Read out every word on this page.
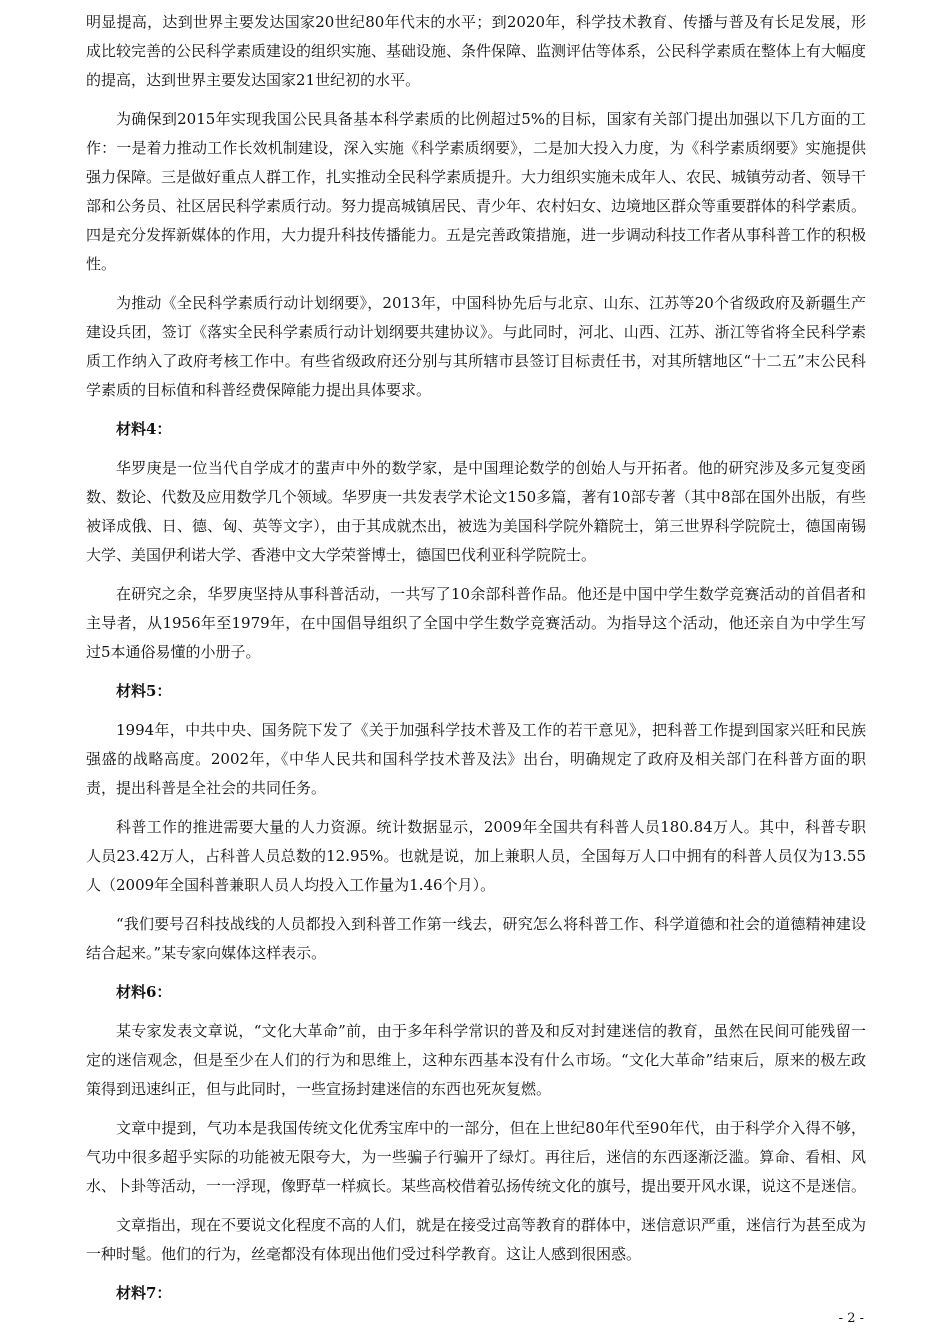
明显提高，达到世界主要发达国家20世纪80年代末的水平；到2020年，科学技术教育、传播与普及有长足发展，形成比较完善的公民科学素质建设的组织实施、基础设施、条件保障、监测评估等体系，公民科学素质在整体上有大幅度的提高，达到世界主要发达国家21世纪初的水平。

为确保到2015年实现我国公民具备基本科学素质的比例超过5%的目标，国家有关部门提出加强以下几方面的工作：一是着力推动工作长效机制建设，深入实施《科学素质纲要》，二是加大投入力度，为《科学素质纲要》实施提供强力保障。三是做好重点人群工作，扎实推动全民科学素质提升。大力组织实施未成年人、农民、城镇劳动者、领导干部和公务员、社区居民科学素质行动。努力提高城镇居民、青少年、农村妇女、边境地区群众等重要群体的科学素质。四是充分发挥新媒体的作用，大力提升科技传播能力。五是完善政策措施，进一步调动科技工作者从事科普工作的积极性。

为推动《全民科学素质行动计划纲要》，2013年，中国科协先后与北京、山东、江苏等20个省级政府及新疆生产建设兵团，签订《落实全民科学素质行动计划纲要共建协议》。与此同时，河北、山西、江苏、浙江等省将全民科学素质工作纳入了政府考核工作中。有些省级政府还分别与其所辖市县签订目标责任书，对其所辖地区“十二五”末公民科学素质的目标值和科普经费保障能力提出具体要求。

材料4：

华罗庚是一位当代自学成才的蜚声中外的数学家，是中国理论数学的创始人与开拓者。他的研究涉及多元复变函数、数论、代数及应用数学几个领域。华罗庚一共发表学术论文150多篇，著有10部专著（其中8部在国外出版，有些被译成俄、日、德、匈、英等文字），由于其成就杰出，被选为美国科学院外籍院士，第三世界科学院院士，德国南锡大学、美国伊利诺大学、香港中文大学荣誉博士，德国巴伐利亚科学院院士。

在研究之余，华罗庚坚持从事科普活动，一共写了10余部科普作品。他还是中国中学生数学竞赛活动的首倡者和主导者，从1956年至1979年，在中国倡导组织了全国中学生数学竞赛活动。为指导这个活动，他还亲自为中学生写过5本通俗易懂的小册子。

材料5：

1994年，中共中央、国务院下发了《关于加强科学技术普及工作的若干意见》，把科普工作提到国家兴旺和民族强盛的战略高度。2002年，《中华人民共和国科学技术普及法》出台，明确规定了政府及相关部门在科普方面的职责，提出科普是全社会的共同任务。

科普工作的推进需要大量的人力资源。统计数据显示，2009年全国共有科普人员180.84万人。其中，科普专职人员23.42万人，占科普人员总数的12.95%。也就是说，加上兼职人员，全国每万人口中拥有的科普人员仅为13.55人（2009年全国科普兼职人员人均投入工作量为1.46个月）。

“我们要号召科技战线的人员都投入到科普工作第一线去，研究怎么将科普工作、科学道德和社会的道德精神建设结合起来。”某专家向媒体这样表示。

材料6：

某专家发表文章说，“文化大革命”前，由于多年科学常识的普及和反对封建迷信的教育，虽然在民间可能残留一定的迷信观念，但是至少在人们的行为和思维上，这种东西基本没有什么市场。“文化大革命”结束后，原来的极左政策得到迅速纠正，但与此同时，一些宣扬封建迷信的东西也死灰复燃。

文章中提到，气功本是我国传统文化优秀宝库中的一部分，但在上世纪80年代至90年代，由于科学介入得不够，气功中很多超乎实际的功能被无限夸大，为一些骗子行骗开了绿灯。再往后，迷信的东西逐渐泛滥。算命、看相、风水、卜卦等活动，一一浮现，像野草一样疯长。某些高校借着弘扬传统文化的旗号，提出要开风水课，说这不是迷信。

文章指出，现在不要说文化程度不高的人们，就是在接受过高等教育的群体中，迷信意识严重，迷信行为甚至成为一种时髦。他们的行为，丝毫都没有体现出他们受过科学教育。这让人感到很困惑。

材料7：

- 2 -
